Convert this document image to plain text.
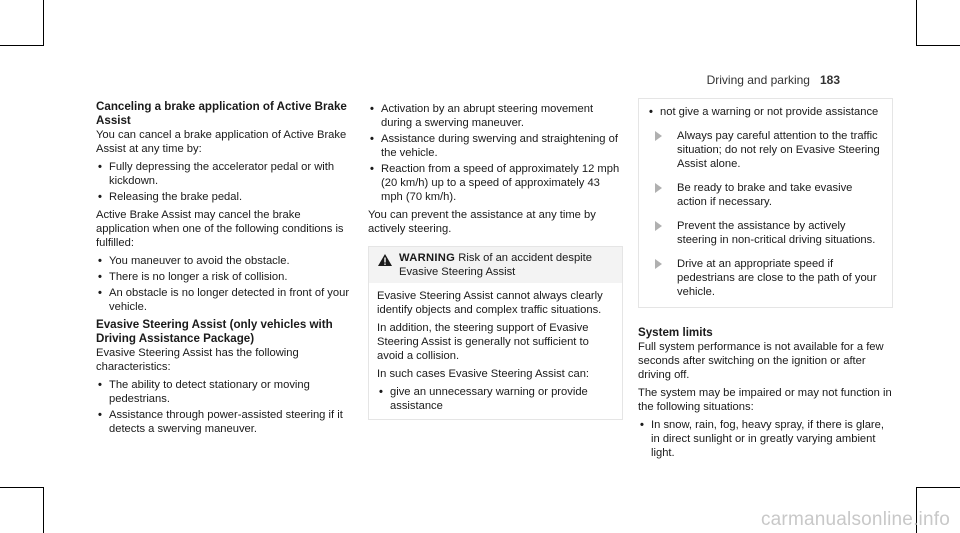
Driving and parking 183
Canceling a brake application of Active Brake Assist

You can cancel a brake application of Active Brake Assist at any time by:

• Fully depressing the accelerator pedal or with kickdown.
• Releasing the brake pedal.

Active Brake Assist may cancel the brake application when one of the following conditions is fulfilled:

• You maneuver to avoid the obstacle.
• There is no longer a risk of collision.
• An obstacle is no longer detected in front of your vehicle.
Evasive Steering Assist (only vehicles with Driving Assistance Package)

Evasive Steering Assist has the following characteristics:

• The ability to detect stationary or moving pedestrians.
• Assistance through power-assisted steering if it detects a swerving maneuver.
• Activation by an abrupt steering movement during a swerving maneuver.
• Assistance during swerving and straightening of the vehicle.
• Reaction from a speed of approximately 12 mph (20 km/h) up to a speed of approximately 43 mph (70 km/h).

You can prevent the assistance at any time by actively steering.

WARNING Risk of an accident despite Evasive Steering Assist

Evasive Steering Assist cannot always clearly identify objects and complex traffic situations.

In addition, the steering support of Evasive Steering Assist is generally not sufficient to avoid a collision.

In such cases Evasive Steering Assist can:

• give an unnecessary warning or provide assistance
• not give a warning or not provide assistance
Always pay careful attention to the traffic situation; do not rely on Evasive Steering Assist alone.
Be ready to brake and take evasive action if necessary.
Prevent the assistance by actively steering in non-critical driving situations.
Drive at an appropriate speed if pedestrians are close to the path of your vehicle.
System limits

Full system performance is not available for a few seconds after switching on the ignition or after driving off.

The system may be impaired or may not function in the following situations:

• In snow, rain, fog, heavy spray, if there is glare, in direct sunlight or in greatly varying ambient light.
carmanualsonline.info
